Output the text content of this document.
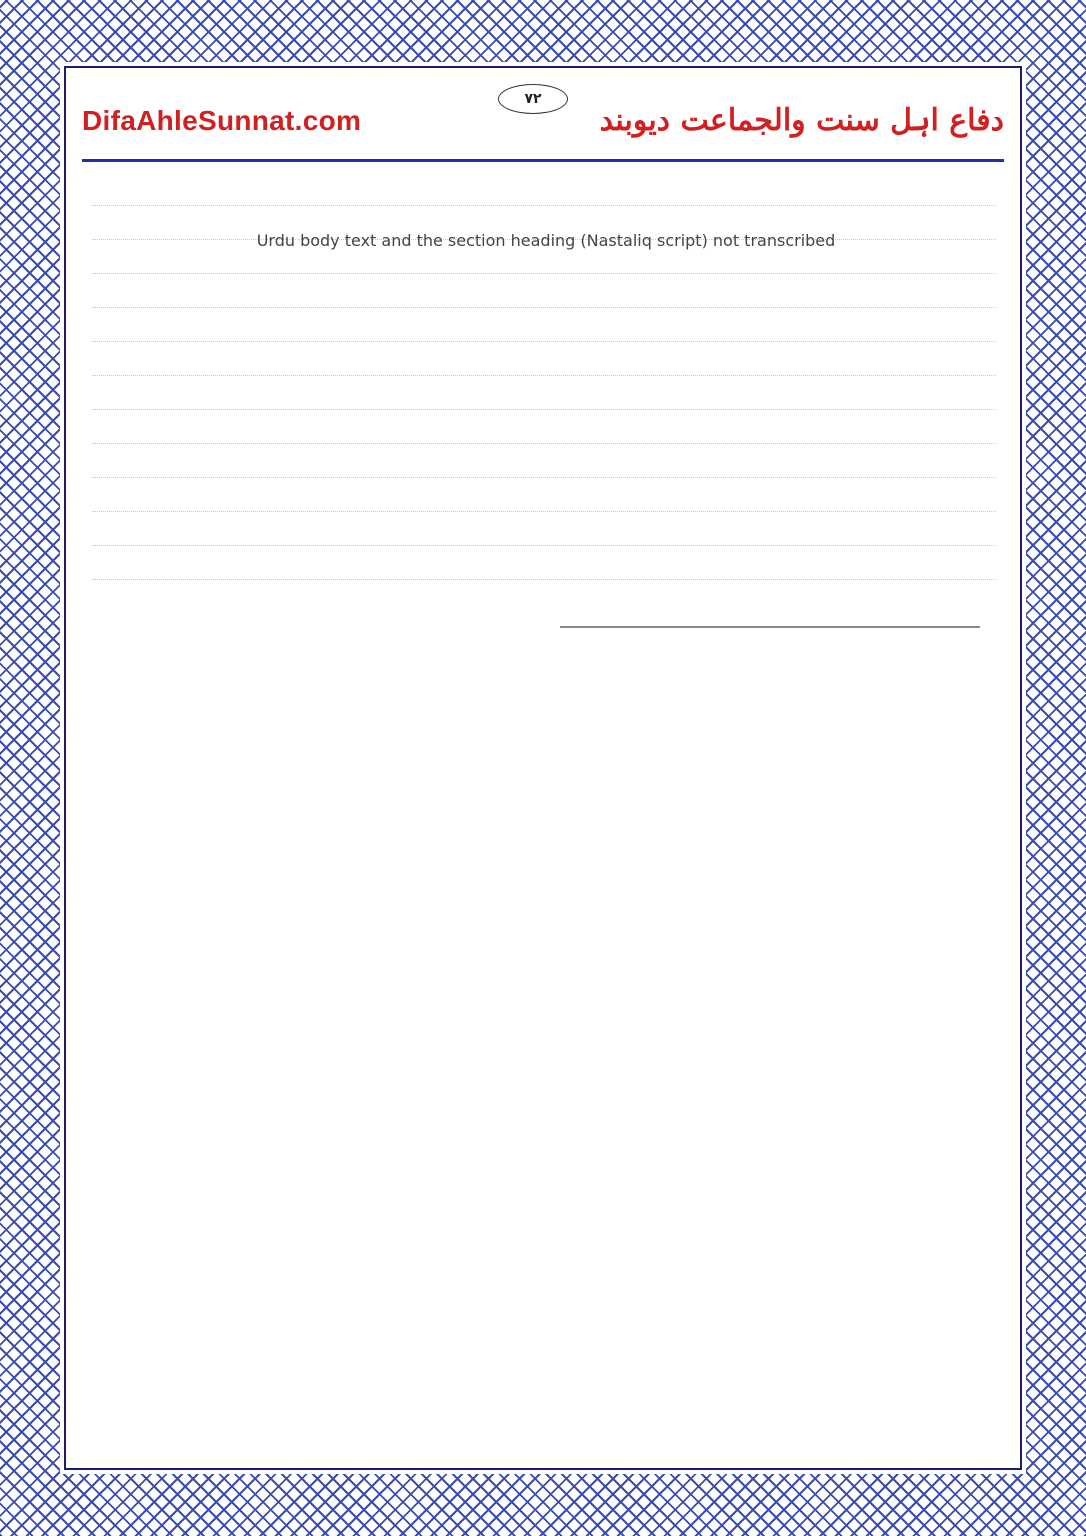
DifaAhleSunnat.com	دفاع اہل سنت والجماعت دیوبند
۷۲
Urdu body text and the section heading (Nastaliq script) not transcribed
